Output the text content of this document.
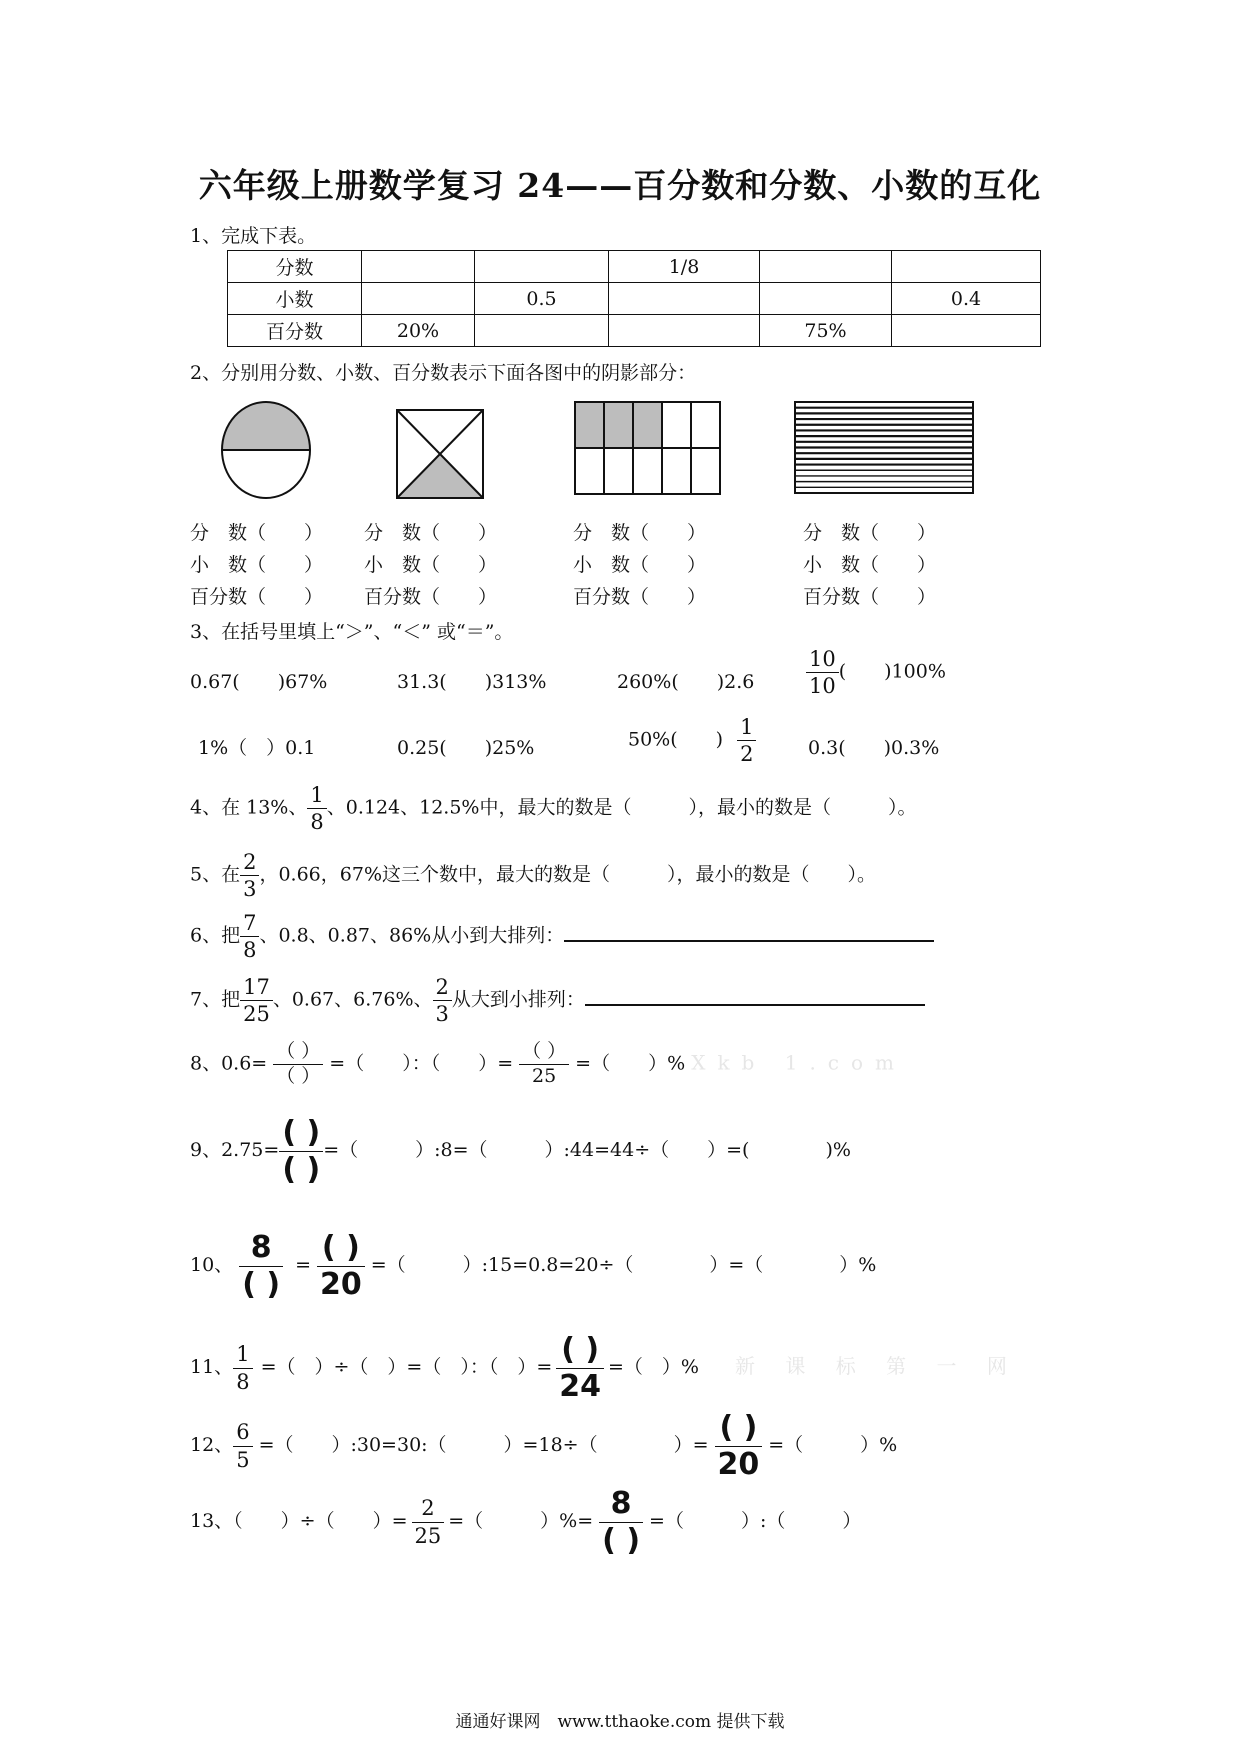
六年级上册数学复习 24——百分数和分数、小数的互化
1、完成下表。
分数			1/8		
小数		0.5			0.4
百分数	20%			75%	
2、分别用分数、小数、百分数表示下面各图中的阴影部分：
分　数（　　）
小　数（　　）
百分数（　　）
分　数（　　）
小　数（　　）
百分数（　　）
分　数（　　）
小　数（　　）
百分数（　　）
分　数（　　）
小　数（　　）
百分数（　　）
3、在括号里填上“＞”、“＜” 或“＝”。
0.67(　　)67%	31.3(　　)313%	260%(　　)$2.6 \frac{10}{10}$ (　　)100%
1%（　）0.1	0.25(　　)25%	50%(　　) $\frac{1}{2}$	0.3(　　)0.3%
4、在 13%、 $\frac{1}{8}$ 、0.124、12.5%中，最大的数是（　　　），最小的数是（　　　）。
5、在 $\frac{2}{3}$ ，0.66，67%这三个数中，最大的数是（　　　），最小的数是（　　）。
6、把 $\frac{7}{8}$ 、0.8、0.87、86%从小到大排列：
7、把 $\frac{17}{25}$ 、0.67、6.76%、 $\frac{2}{3}$ 从大到小排列：
8、$0.6= \frac{( )}{( )}$ =（　　）：（　　）= $\frac{( )}{25}$ =（　　）% Xkb 1.com
9、$2.75= \frac{( )}{( )}$ =（　　　）:8=（　　　）:44=44÷（　　）=(　　　　)%
10、 $\frac{8}{( )} = \frac{( )}{20}$ =（　　　）:15=0.8=20÷（　　　　）=（　　　　）%
11、 $\frac{1}{8}$ =（　）÷（　）=（　）：（　）= $\frac{( )}{24}$ =（　）% 新 课 标 第 一 网
12、 $\frac{6}{5}$ =（　　）:30=30:（　　　）=18÷（　　　　）= $\frac{( )}{20}$ =（　　　）%
13、（　　）÷（　　）= $\frac{2}{25}$ =（　　　）%= $\frac{8}{( )}$ =（　　　）:（　　　）
通通好课网　www.tthaoke.com 提供下载
